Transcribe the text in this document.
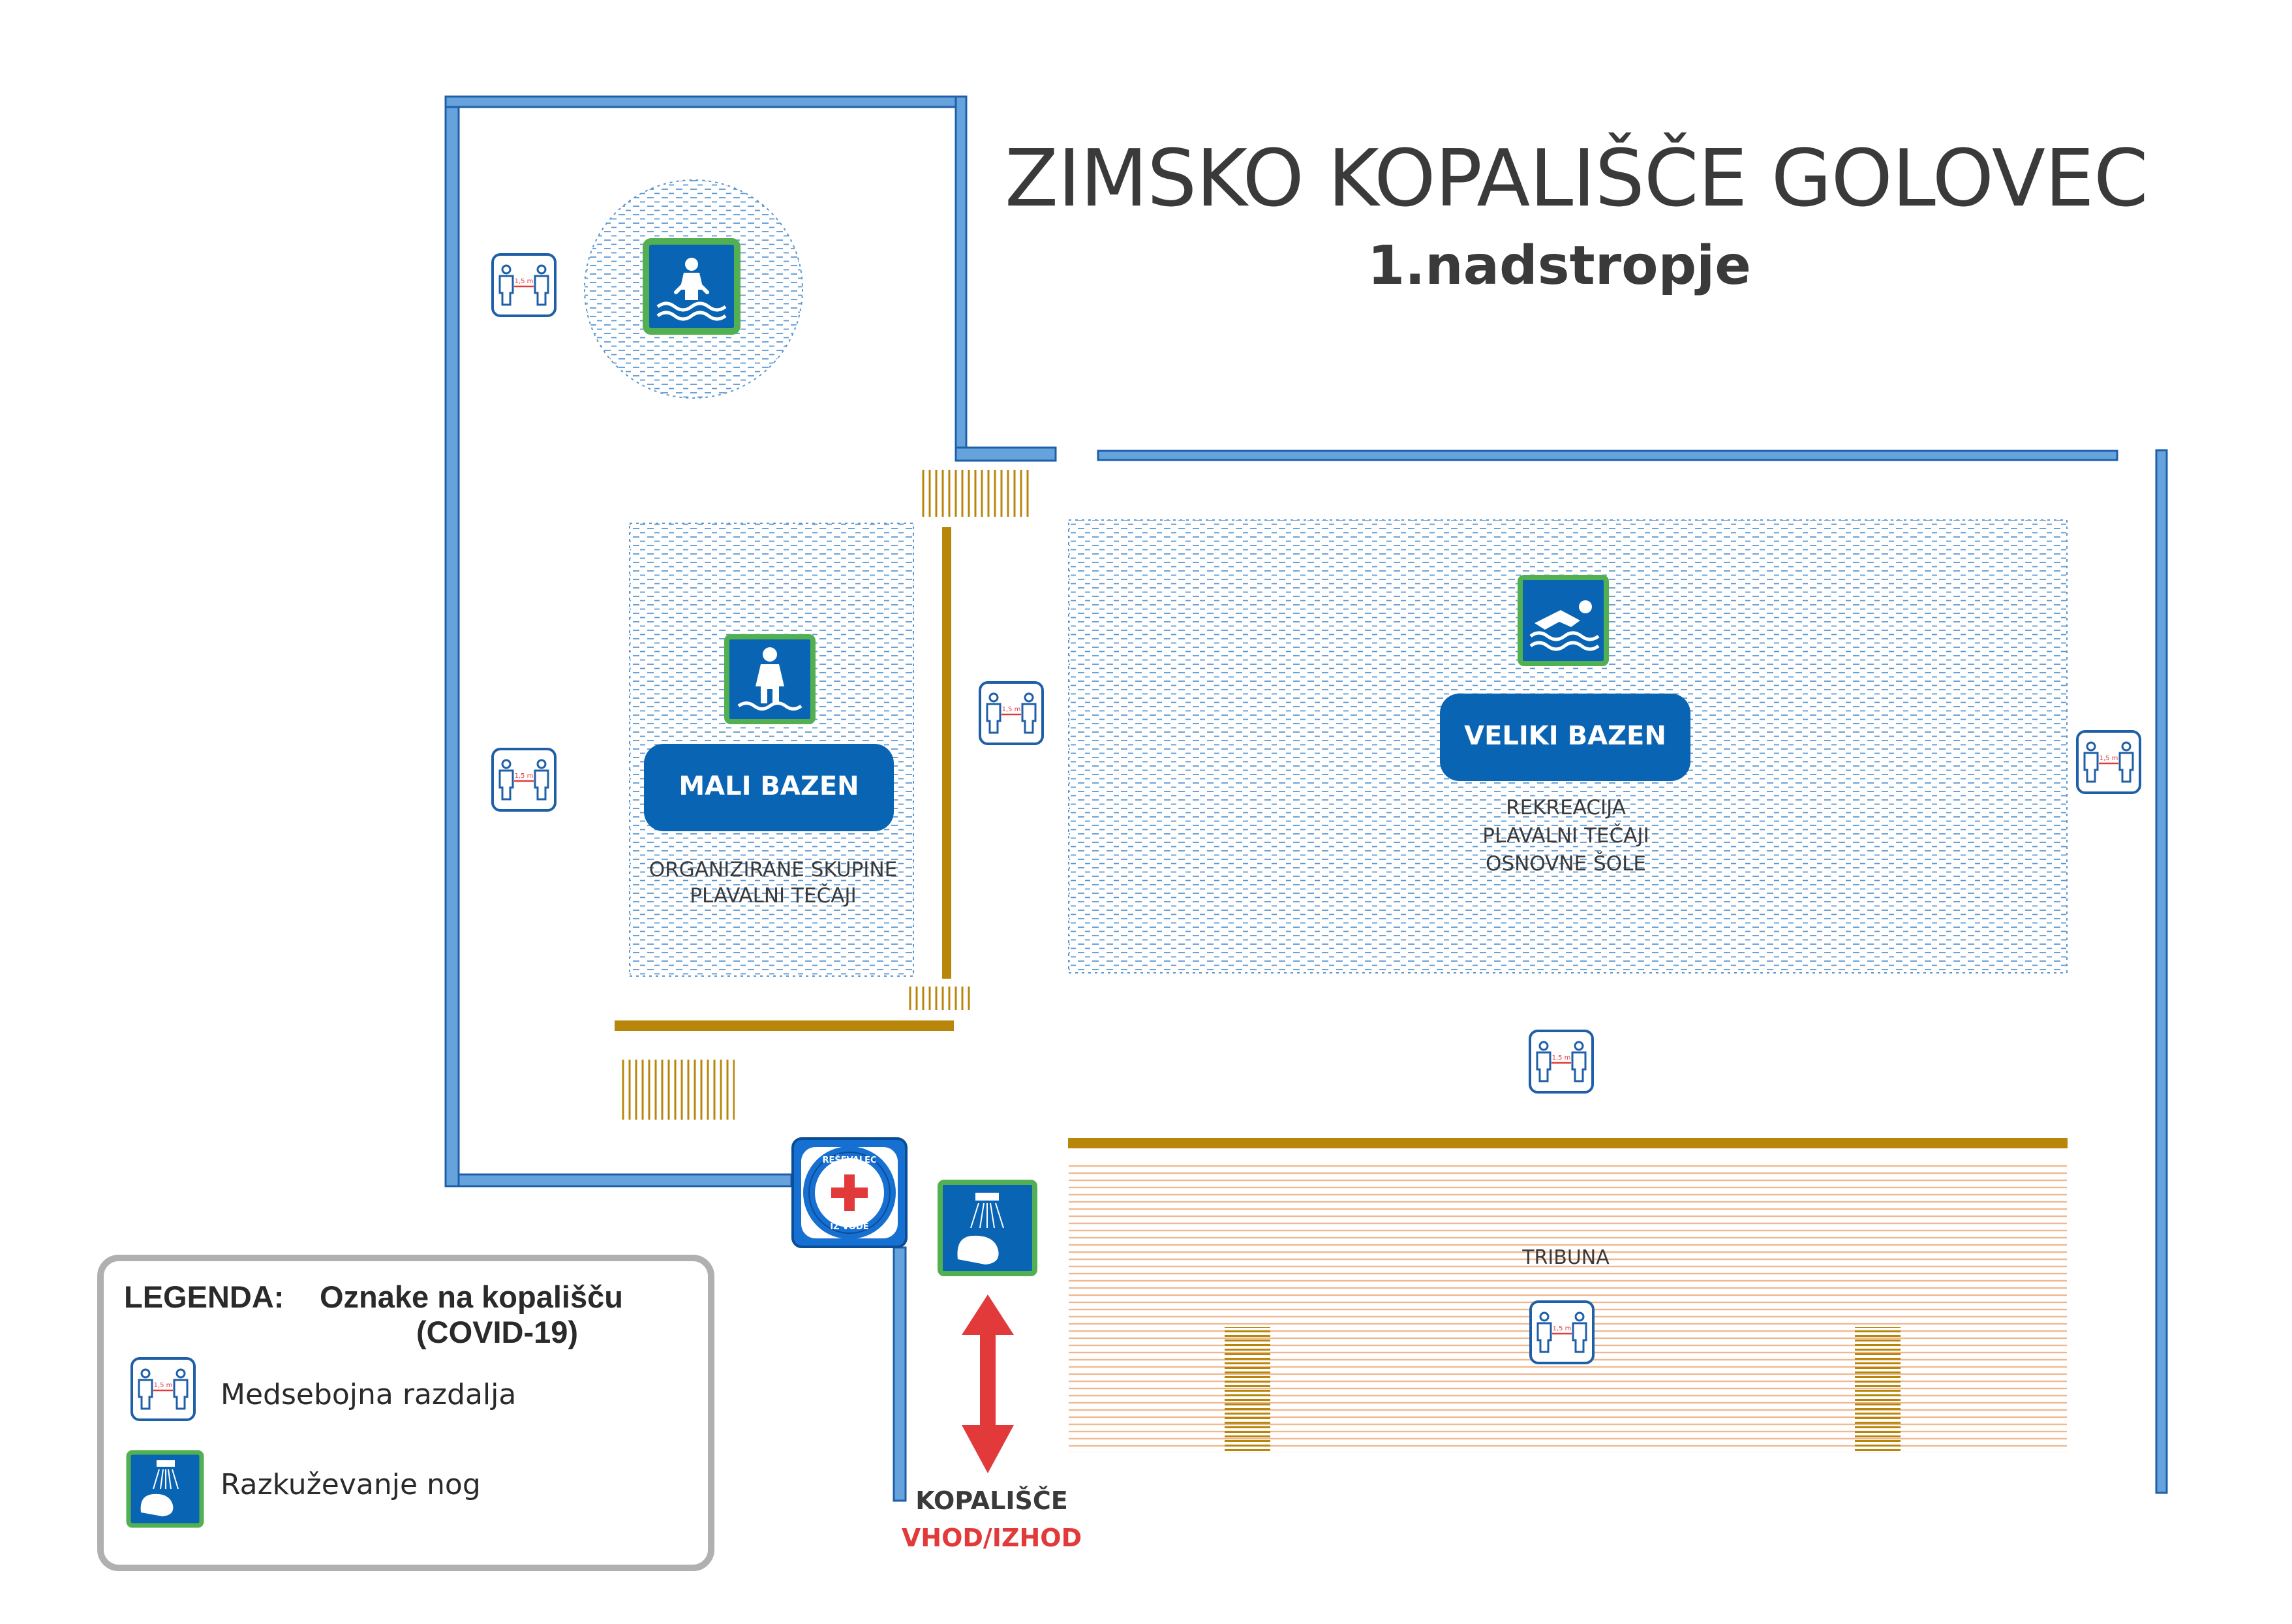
REŠEVALEC
IZ VODE
ZIMSKO KOPALIŠČE GOLOVEC
1.nadstropje
MALI BAZEN
ORGANIZIRANE SKUPINE
PLAVALNI TEČAJI
VELIKI BAZEN
REKREACIJA
PLAVALNI TEČAJI
OSNOVNE ŠOLE
TRIBUNA
KOPALIŠČE
VHOD/IZHOD
LEGENDA: Oznake na kopališču
(COVID-19)
Medsebojna razdalja
Razkuževanje nog
